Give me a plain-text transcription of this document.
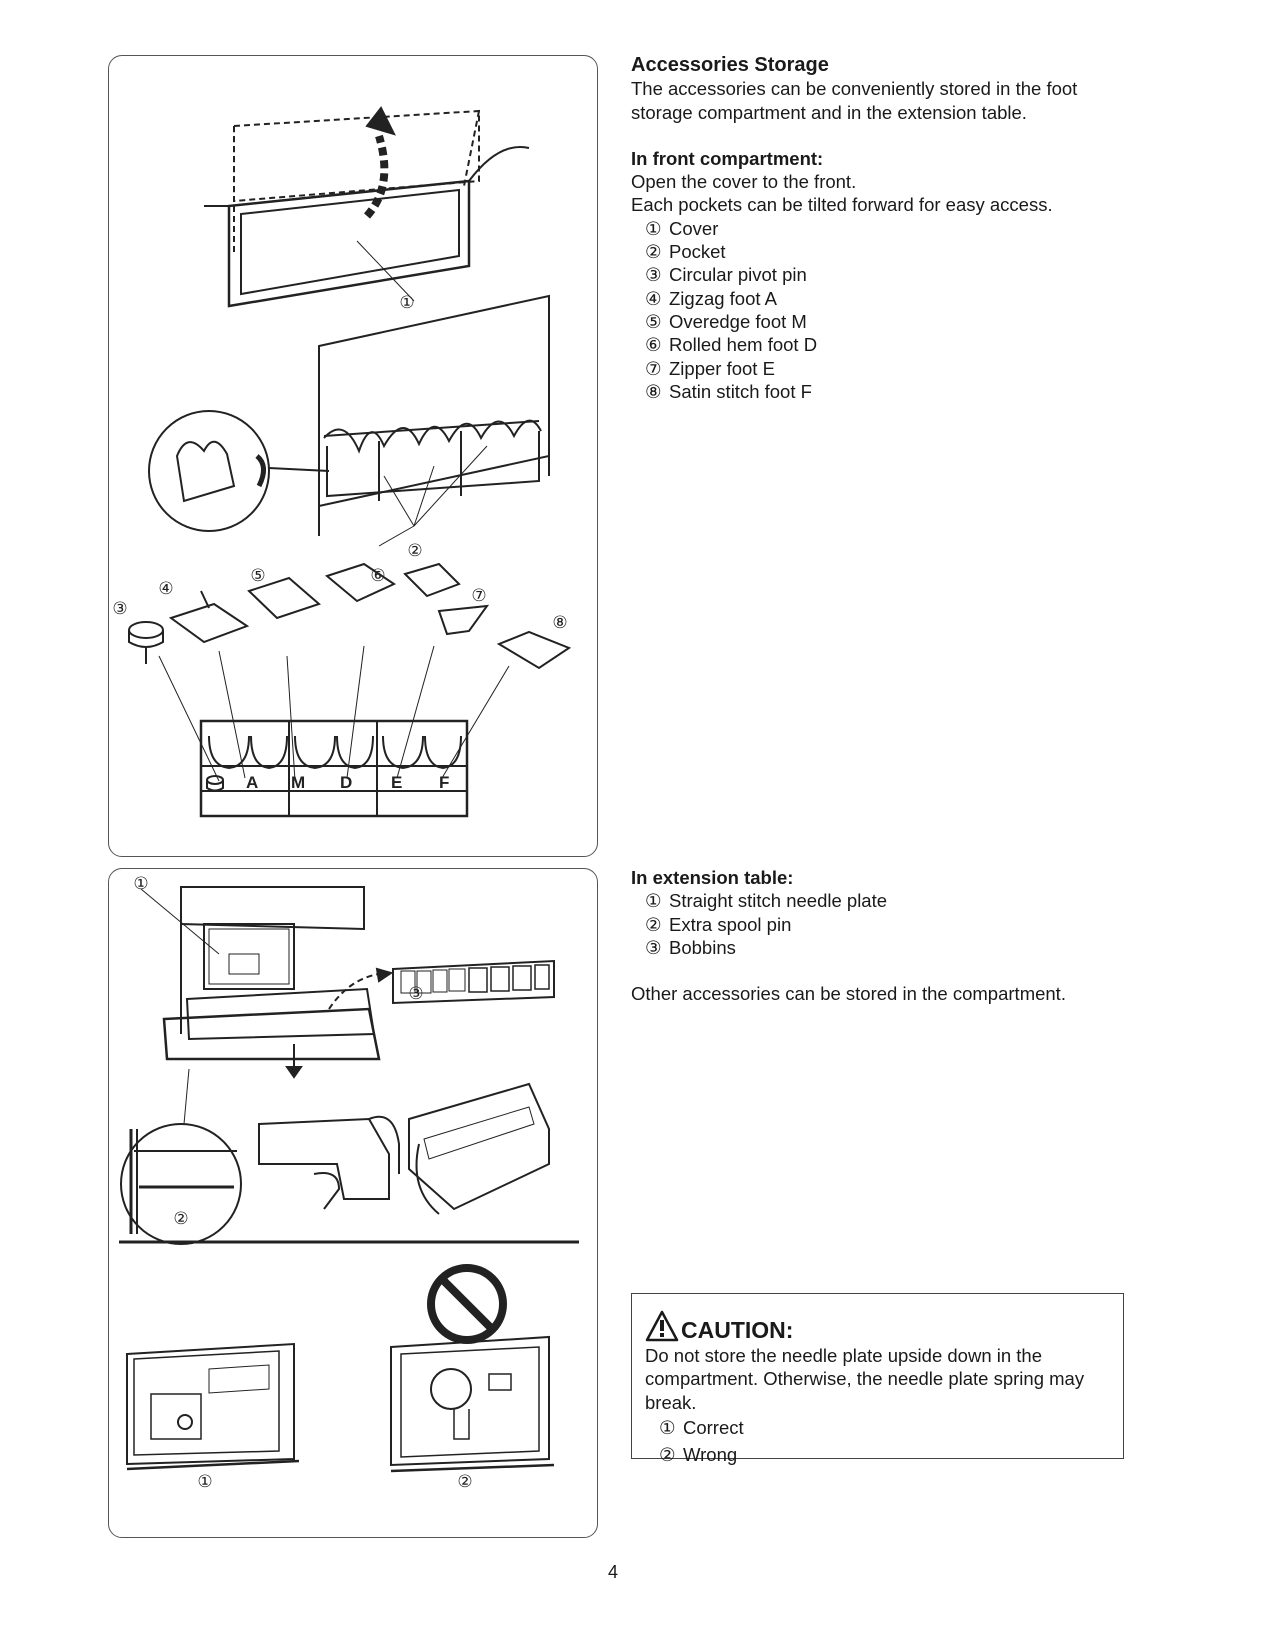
①
②
③
④
⑤	⑥
⑦
⑧
A M D E F
①
③
②
①	②
Accessories Storage
The accessories can be conveniently stored in the foot
storage compartment and in the extension table.
In front compartment:
Open the cover to the front.
Each pockets can be tilted forward for easy access.
① Cover
② Pocket
③ Circular pivot pin
④ Zigzag foot A
⑤ Overedge foot M
⑥ Rolled hem foot D
⑦ Zipper foot E
⑧ Satin stitch foot F
In extension table:
① Straight stitch needle plate
② Extra spool pin
③ Bobbins
Other accessories can be stored in the compartment.
CAUTION:
Do not store the needle plate upside down in the
compartment. Otherwise, the needle plate spring may
break.
① Correct
② Wrong
4
